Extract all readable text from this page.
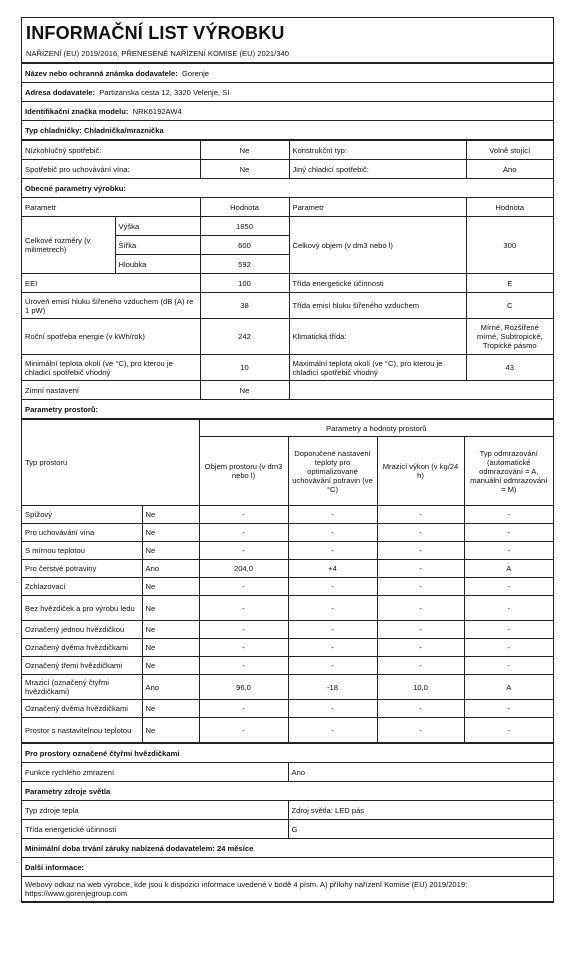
INFORMAČNÍ LIST VÝROBKU
NAŘÍZENÍ (EU) 2019/2016, PŘENESENÉ NAŘÍZENÍ KOMISE (EU) 2021/340
Název nebo ochranná známka dodavatele: Gorenje
Adresa dodavatele: Partizanska cesta 12, 3320 Velenje, SI
Identifikační značka modelu: NRK6192AW4
Typ chladničky: Chladnička/mraznička
Nízkohlučný spotřebič:		Ne	Konstrukční typ:	Volně stojící
Spotřebič pro uchovávání vína:		Ne	Jiný chladicí spotřebič:	Ano
Obecné parametry výrobku:				
Parametr		Hodnota	Parametr	Hodnota
Celkové rozměry (v milimetrech)	Výška	1850	Celkový objem (v dm3 nebo l)	300
	Šířka	600		
	Hloubka	592		
EEI		100	Třída energetické účinnosti	E
Úroveň emisí hluku šířeného vzduchem (dB (A) re 1 pW)		38	Třída emisí hluku šířeného vzduchem	C
Roční spotřeba energie (v kWh/rok)		242	Klimatická třída:	Mírné, Rozšířené mírné, Subtropické, Tropické pásmo
Minimální teplota okolí (ve °C), pro kterou je chladicí spotřebič vhodný		10	Maximální teplota okolí (ve °C), pro kterou je chladicí spotřebič vhodný	43
Zimní nastavení		Ne		
Parametry prostorů:				
Typ prostoru		Parametry a hodnoty prostorů			
		Objem prostoru (v dm3 nebo l)	Doporučené nastavení teploty pro optimalizované uchovávání potravin (ve °C)	Mrazicí výkon (v kg/24 h)	Typ odmrazování (automatické odmrazování = A, manuální odmrazování = M)
Spížový	Ne	-	-	-	-
Pro uchovávání vína	Ne	-	-	-	-
S mírnou teplotou	Ne	-	-	-	-
Pro čerstvé potraviny	Ano	204,0	+4	-	A
Zchlazovací	Ne	-	-	-	-
Bez hvězdiček a pro výrobu ledu	Ne	-	-	-	-
Označený jednou hvězdičkou	Ne	-	-	-	-
Označený dvěma hvězdičkami	Ne	-	-	-	-
Označený třemi hvězdičkami	Ne	-	-	-	-
Mrazicí (označený čtyřmi hvězdičkami)	Ano	96,0	-18	10,0	A
Označený dvěma hvězdičkami	Ne	-	-	-	-
Prostor s nastavitelnou teplotou	Ne	-	-	-	-
Pro prostory označené čtyřmi hvězdičkami	
Funkce rychlého zmrazení	Ano
Parametry zdroje světla	
Typ zdroje tepla	Zdroj světla: LED pás
Třída energetické účinnosti	G
Minimální doba trvání záruky nabízená dodavatelem: 24 měsíce	
Další informace:	
Webový odkaz na web výrobce, kde jsou k dispozici informace uvedené v bodě 4 písm. A) přílohy nařízení Komise (EU) 2019/2019: https://www.gorenjegroup.com	
